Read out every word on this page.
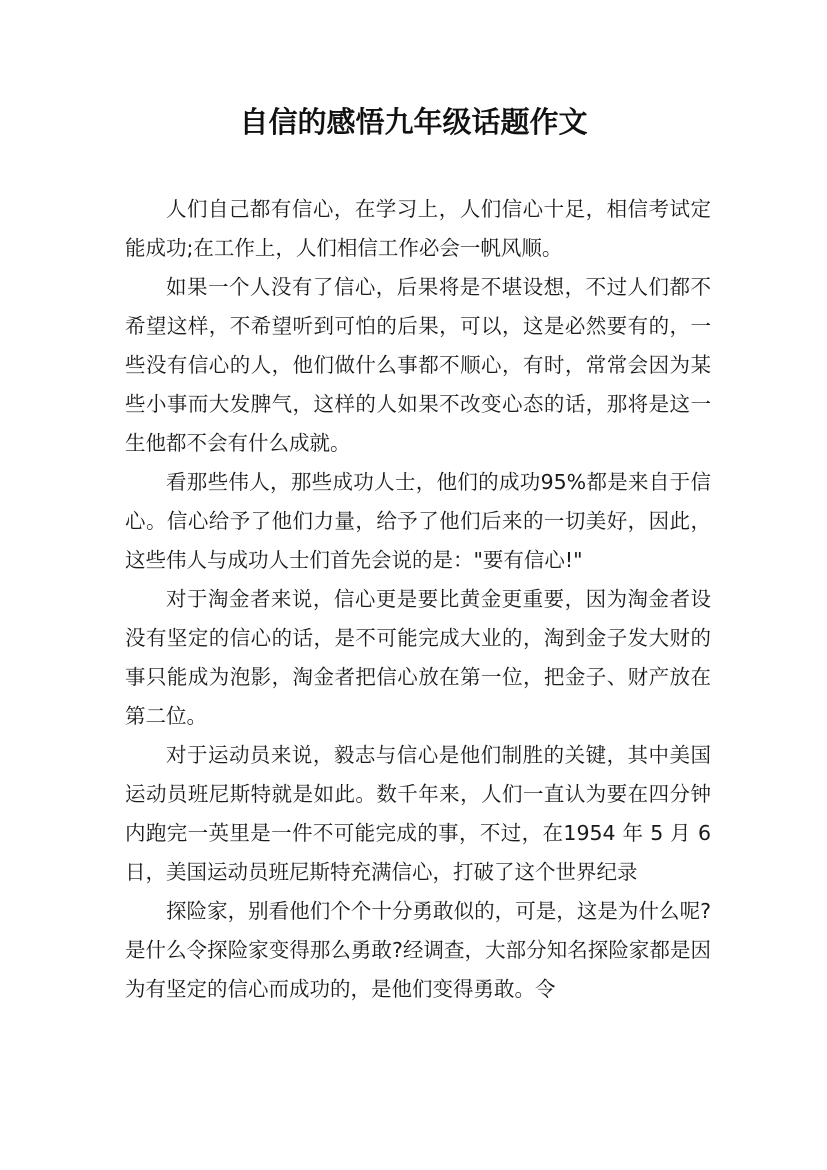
自信的感悟九年级话题作文

人们自己都有信心，在学习上，人们信心十足，相信考试定能成功;在工作上，人们相信工作必会一帆风顺。

如果一个人没有了信心，后果将是不堪设想，不过人们都不希望这样，不希望听到可怕的后果，可以，这是必然要有的，一些没有信心的人，他们做什么事都不顺心，有时，常常会因为某些小事而大发脾气，这样的人如果不改变心态的话，那将是这一生他都不会有什么成就。

看那些伟人，那些成功人士，他们的成功95%都是来自于信心。信心给予了他们力量，给予了他们后来的一切美好，因此，这些伟人与成功人士们首先会说的是："要有信心!"

对于淘金者来说，信心更是要比黄金更重要，因为淘金者设没有坚定的信心的话，是不可能完成大业的，淘到金子发大财的事只能成为泡影，淘金者把信心放在第一位，把金子、财产放在第二位。

对于运动员来说，毅志与信心是他们制胜的关键，其中美国运动员班尼斯特就是如此。数千年来，人们一直认为要在四分钟内跑完一英里是一件不可能完成的事，不过，在1954 年 5 月 6 日，美国运动员班尼斯特充满信心，打破了这个世界纪录

探险家，别看他们个个十分勇敢似的，可是，这是为什么呢?是什么令探险家变得那么勇敢?经调查，大部分知名探险家都是因为有坚定的信心而成功的，是他们变得勇敢。令
